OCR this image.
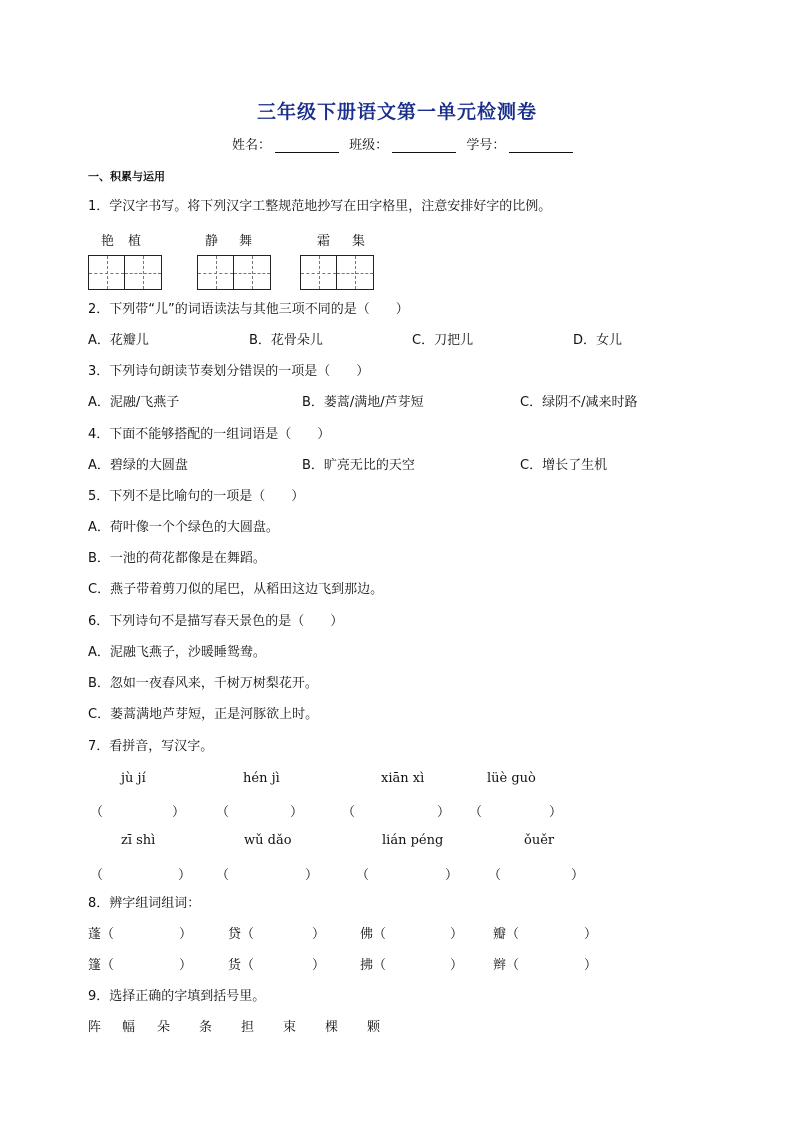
三年级下册语文第一单元检测卷
姓名：	班级：	学号：
一、积累与运用
1．学汉字书写。将下列汉字工整规范地抄写在田字格里，注意安排好字的比例。
艳 植	静 舞	霜 集
2．下列带“儿”的词语读法与其他三项不同的是（　　）
A．花瓣儿	B．花骨朵儿	C．刀把儿	D．女儿
3．下列诗句朗读节奏划分错误的一项是（　　）
A．泥融/飞燕子	B．蒌蒿/满地/芦芽短	C．绿阴不/减来时路
4．下面不能够搭配的一组词语是（　　）
A．碧绿的大圆盘	B．旷亮无比的天空	C．增长了生机
5．下列不是比喻句的一项是（　　）
A．荷叶像一个个绿色的大圆盘。
B．一池的荷花都像是在舞蹈。
C．燕子带着剪刀似的尾巴，从稻田这边飞到那边。
6．下列诗句不是描写春天景色的是（　　）
A．泥融飞燕子，沙暖睡鸳鸯。
B．忽如一夜春风来，千树万树梨花开。
C．蒌蒿满地芦芽短，正是河豚欲上时。
7．看拼音，写汉字。
jù jí	hén jì	xiān xì	lüè guò
（	） （	）	（	） （	）
zī shì	wǔ dǎo	lián péng	ǒuěr
（	） （	）	（	） （	）
8．辨字组词组词：
蓬（	）	贷（	）	佛（	） 瓣（	）
篷（	）	货（	）	拂（	） 辫（	）
9．选择正确的字填到括号里。
阵 幅 朵 条 担 束 棵 颗
